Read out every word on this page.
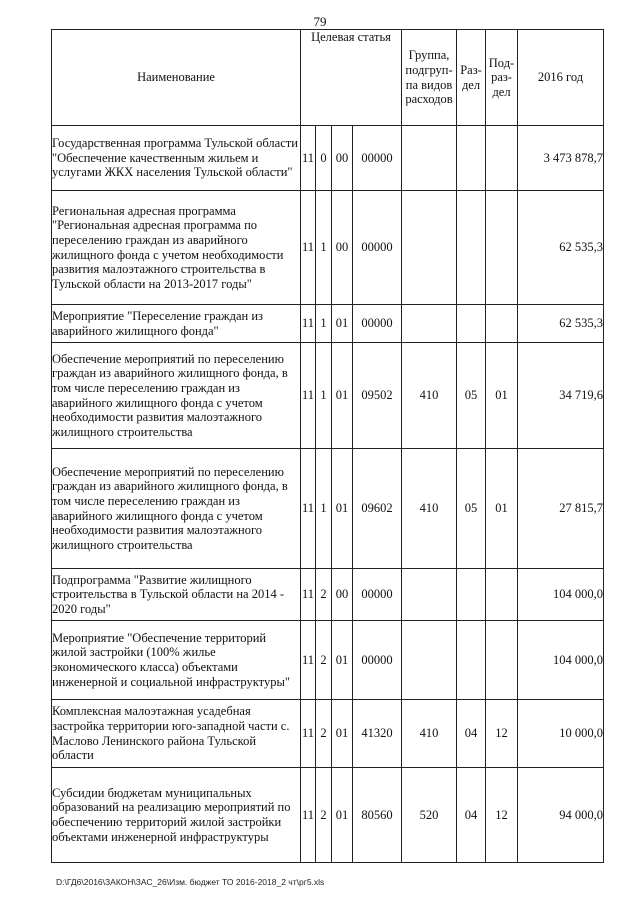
79
Наименование	Целевая статья				Группа, подгруп-па видов расходов	Раз-дел	Под-раз-дел	2016 год

Государственная программа Тульской области "Обеспечение качественным жильем и услугами ЖКХ населения Тульской области"	11	0	00	00000				3 473 878,7
Региональная адресная программа "Региональная адресная программа по переселению граждан из аварийного жилищного фонда с учетом необходимости развития малоэтажного строительства в Тульской области на 2013-2017 годы"	11	1	00	00000				62 535,3
Мероприятие "Переселение граждан из аварийного жилищного фонда"	11	1	01	00000				62 535,3
Обеспечение мероприятий по переселению граждан из аварийного жилищного фонда, в том числе переселению граждан из аварийного жилищного фонда с учетом необходимости развития малоэтажного жилищного строительства	11	1	01	09502	410	05	01	34 719,6
Обеспечение мероприятий по переселению граждан из аварийного жилищного фонда, в том числе переселению граждан из аварийного жилищного фонда с учетом необходимости развития малоэтажного жилищного строительства	11	1	01	09602	410	05	01	27 815,7
Подпрограмма "Развитие жилищного строительства в Тульской области на 2014 - 2020 годы"	11	2	00	00000				104 000,0
Мероприятие "Обеспечение территорий жилой застройки (100% жилье экономического класса) объектами инженерной и социальной инфраструктуры"	11	2	01	00000				104 000,0
Комплексная малоэтажная усадебная застройка территории юго-западной части с. Маслово Ленинского района Тульской области	11	2	01	41320	410	04	12	10 000,0
Субсидии бюджетам муниципальных образований на реализацию мероприятий по обеспечению территорий жилой застройки объектами инженерной инфраструктуры	11	2	01	80560	520	04	12	94 000,0
D:\ГД6\2016\ЗАКОН\ЗАС_26\Изм. бюджет ТО 2016-2018_2 чт\рг5.xls
